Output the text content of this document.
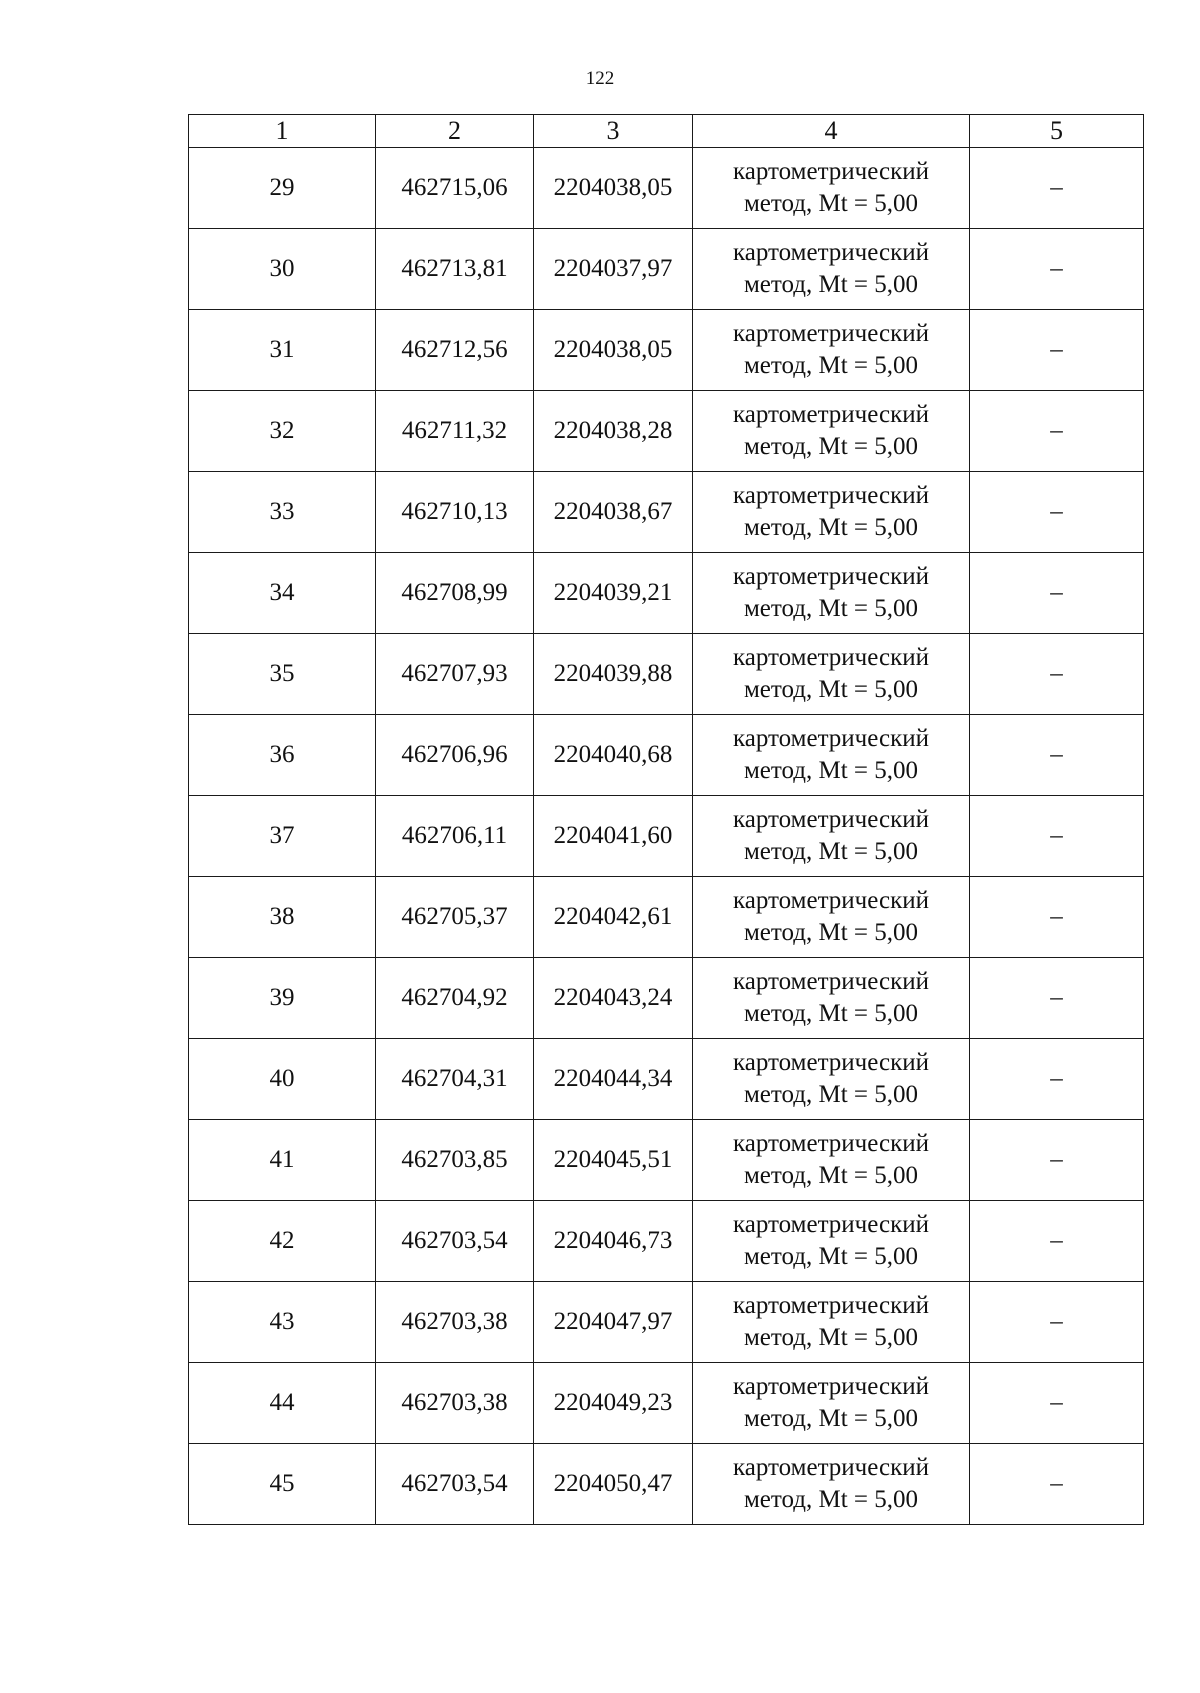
122
1	2	3	4	5
29	462715,06	2204038,05	картометрический метод, Mt = 5,00	–
30	462713,81	2204037,97	картометрический метод, Mt = 5,00	–
31	462712,56	2204038,05	картометрический метод, Mt = 5,00	–
32	462711,32	2204038,28	картометрический метод, Mt = 5,00	–
33	462710,13	2204038,67	картометрический метод, Mt = 5,00	–
34	462708,99	2204039,21	картометрический метод, Mt = 5,00	–
35	462707,93	2204039,88	картометрический метод, Mt = 5,00	–
36	462706,96	2204040,68	картометрический метод, Mt = 5,00	–
37	462706,11	2204041,60	картометрический метод, Mt = 5,00	–
38	462705,37	2204042,61	картометрический метод, Mt = 5,00	–
39	462704,92	2204043,24	картометрический метод, Mt = 5,00	–
40	462704,31	2204044,34	картометрический метод, Mt = 5,00	–
41	462703,85	2204045,51	картометрический метод, Mt = 5,00	–
42	462703,54	2204046,73	картометрический метод, Mt = 5,00	–
43	462703,38	2204047,97	картометрический метод, Mt = 5,00	–
44	462703,38	2204049,23	картометрический метод, Mt = 5,00	–
45	462703,54	2204050,47	картометрический метод, Mt = 5,00	–
